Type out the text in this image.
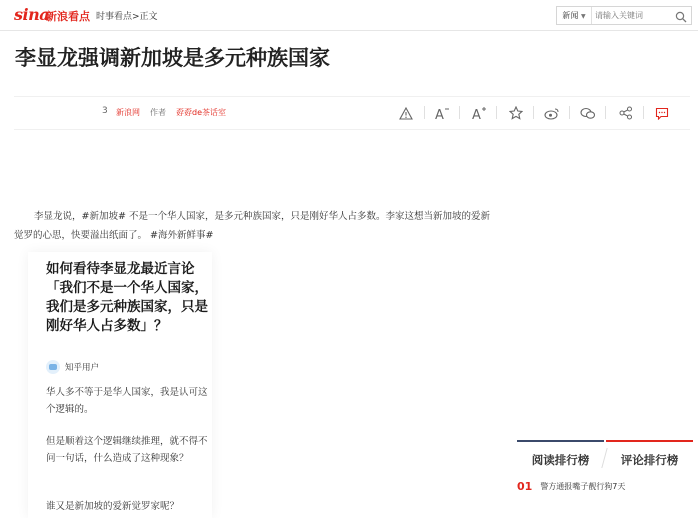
sina
新浪看点 时事看点>正文	新闻 ▼
请输入关键词
李显龙强调新加坡是多元种族国家
3 新浪网 作者 孬孬de茶话室	A A

李显龙说，#新加坡# 不是一个华人国家，是多元种族国家，只是刚好华人占多数。李家这想当新加坡的爱新觉罗的心思，快要溢出纸面了。 #海外新鲜事#

如何看待李显龙最近言论「我们不是一个华人国家，我们是多元种族国家，只是刚好华人占多数」？
知乎用户
华人多不等于是华人国家，我是认可这个逻辑的。
但是顺着这个逻辑继续推理，就不得不问一句话，什么造成了这种现象？
谁又是新加坡的爱新觉罗家呢？
阅读排行榜	评论排行榜
01 警方通报嘴子靓行狗7天
